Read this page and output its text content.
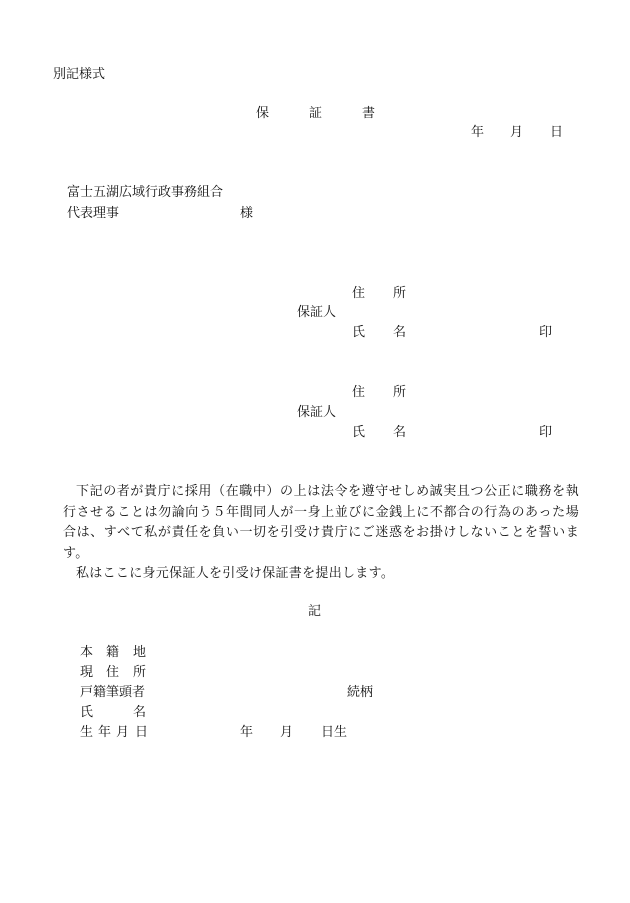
別記様式
保	証	書
年 月 日
富士五湖広域行政事務組合
代表理事	様
住 所
保証人
氏 名	印
住 所
保証人
氏 名	印
下記の者が貴庁に採用（在職中）の上は法令を遵守せしめ誠実且つ公正に職務を執行させることは勿論向う５年間同人が一身上並びに金銭上に不都合の行為のあった場合は、すべて私が責任を負い一切を引受け貴庁にご迷惑をお掛けしないことを誓います。
私はここに身元保証人を引受け保証書を提出します。
記
本 籍 地
現 住 所
戸籍筆頭者	続柄
氏	名
生 年 月 日	年 月 日生
